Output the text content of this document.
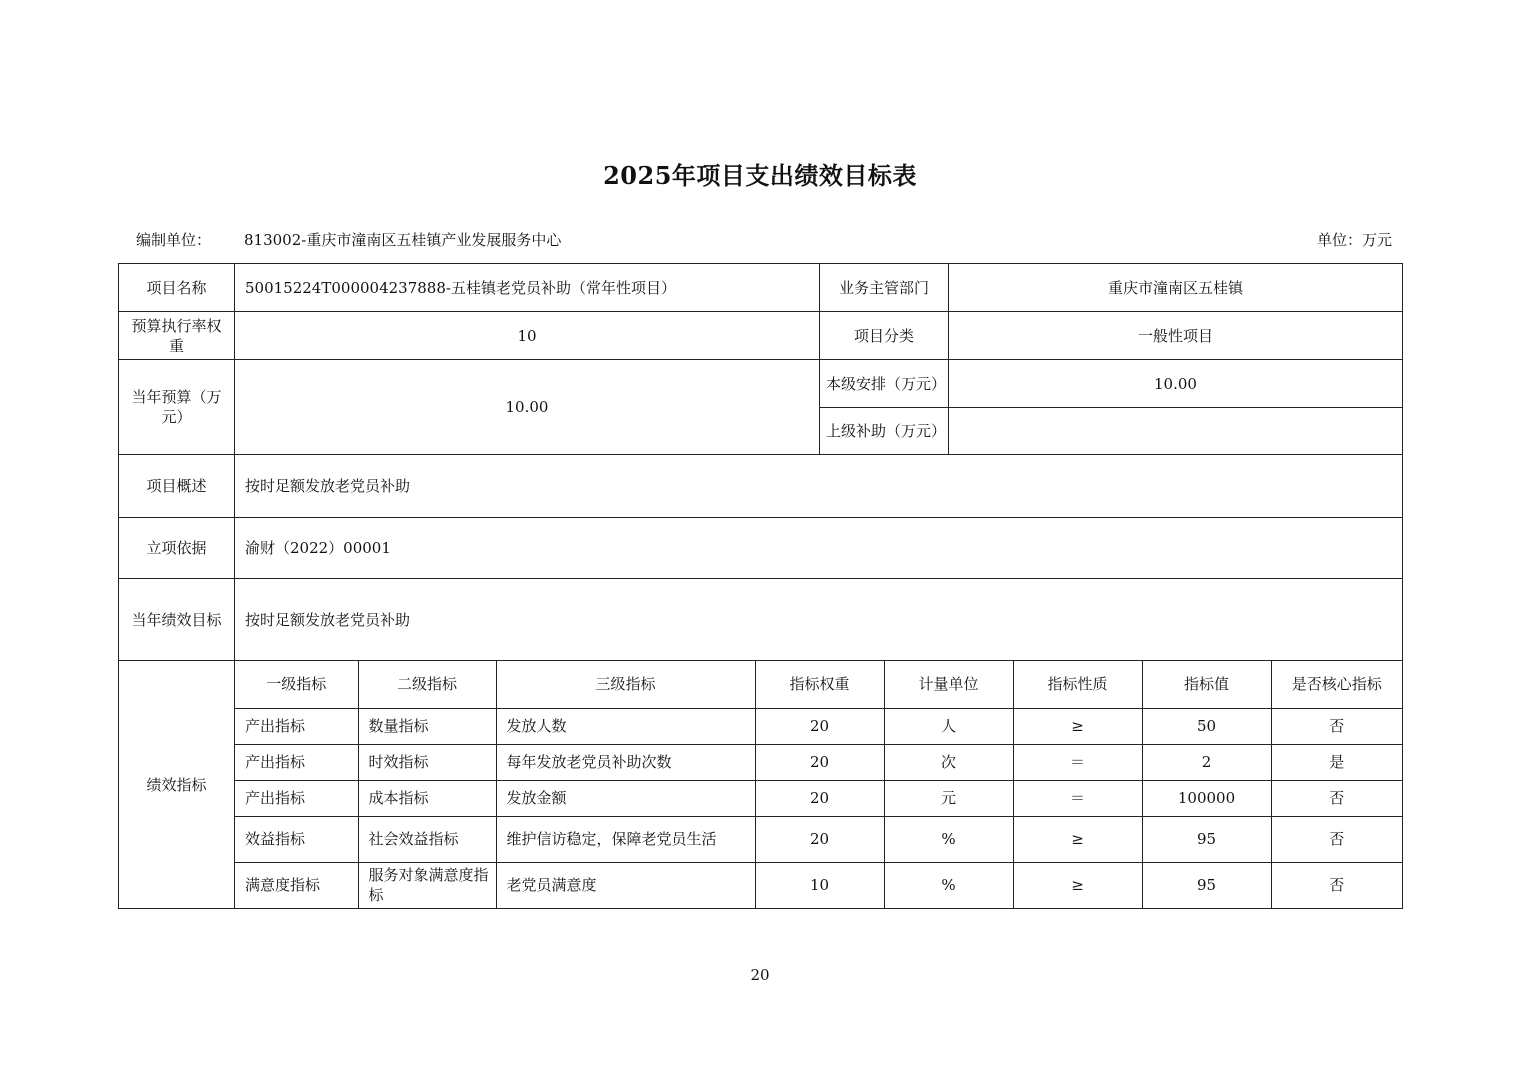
2025年项目支出绩效目标表
编制单位： 813002-重庆市潼南区五桂镇产业发展服务中心	单位：万元
项目名称	50015224T000004237888-五桂镇老党员补助（常年性项目）	业务主管部门	重庆市潼南区五桂镇
预算执行率权重	10	项目分类	一般性项目
当年预算（万元）	10.00	本级安排（万元）	10.00
上级补助（万元）	
项目概述	按时足额发放老党员补助
立项依据	渝财（2022）00001
当年绩效目标	按时足额发放老党员补助
绩效指标	
一级指标	二级指标	三级指标	指标权重	计量单位	指标性质	指标值	是否核心指标
产出指标	数量指标	发放人数	20	人	≥	50	否
产出指标	时效指标	每年发放老党员补助次数	20	次	＝	2	是
产出指标	成本指标	发放金额	20	元	＝	100000	否
效益指标	社会效益指标	维护信访稳定，保障老党员生活	20	%	≥	95	否
满意度指标	服务对象满意度指标	老党员满意度	10	%	≥	95	否
20
